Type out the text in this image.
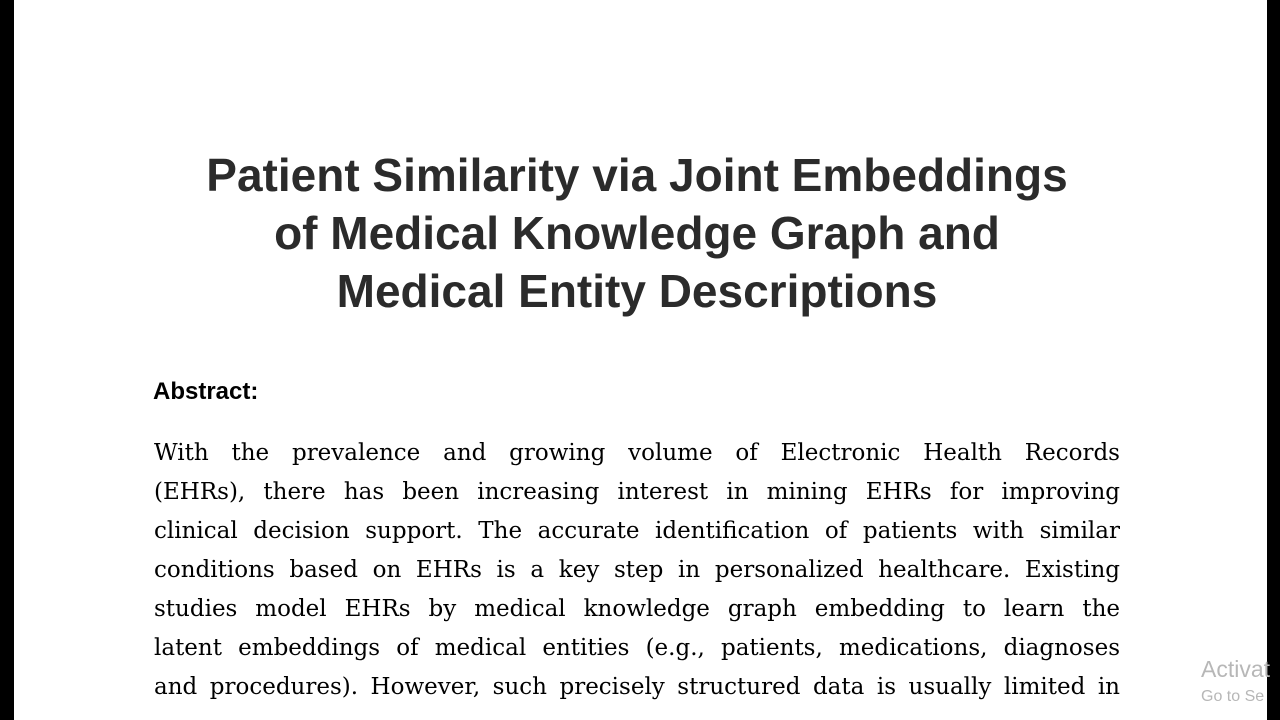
Patient Similarity via Joint Embeddings
of Medical Knowledge Graph and
Medical Entity Descriptions
Abstract:
With the prevalence and growing volume of Electronic Health Records
(EHRs), there has been increasing interest in mining EHRs for improving
clinical decision support. The accurate identification of patients with similar
conditions based on EHRs is a key step in personalized healthcare. Existing
studies model EHRs by medical knowledge graph embedding to learn the
latent embeddings of medical entities (e.g., patients, medications, diagnoses
and procedures). However, such precisely structured data is usually limited in
Activat
Go to Se
